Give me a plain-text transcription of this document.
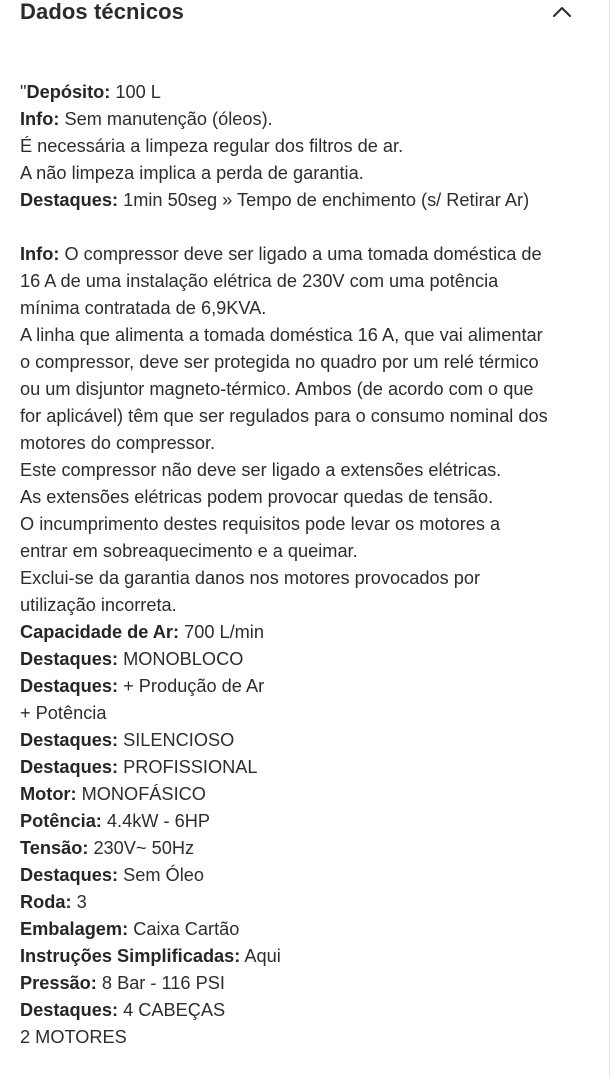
Dados técnicos
"Depósito: 100 L
Info: Sem manutenção (óleos).
É necessária a limpeza regular dos filtros de ar.
A não limpeza implica a perda de garantia.
Destaques: 1min 50seg » Tempo de enchimento (s/ Retirar Ar)
Info: O compressor deve ser ligado a uma tomada doméstica de
16 A de uma instalação elétrica de 230V com uma potência
mínima contratada de 6,9KVA.
A linha que alimenta a tomada doméstica 16 A, que vai alimentar
o compressor, deve ser protegida no quadro por um relé térmico
ou um disjuntor magneto-térmico. Ambos (de acordo com o que
for aplicável) têm que ser regulados para o consumo nominal dos
motores do compressor.
Este compressor não deve ser ligado a extensões elétricas.
As extensões elétricas podem provocar quedas de tensão.
O incumprimento destes requisitos pode levar os motores a
entrar em sobreaquecimento e a queimar.
Exclui-se da garantia danos nos motores provocados por
utilização incorreta.
Capacidade de Ar: 700 L/min
Destaques: MONOBLOCO
Destaques: + Produção de Ar
+ Potência
Destaques: SILENCIOSO
Destaques: PROFISSIONAL
Motor: MONOFÁSICO
Potência: 4.4kW - 6HP
Tensão: 230V~ 50Hz
Destaques: Sem Óleo
Roda: 3
Embalagem: Caixa Cartão
Instruções Simplificadas: Aqui
Pressão: 8 Bar - 116 PSI
Destaques: 4 CABEÇAS
2 MOTORES
